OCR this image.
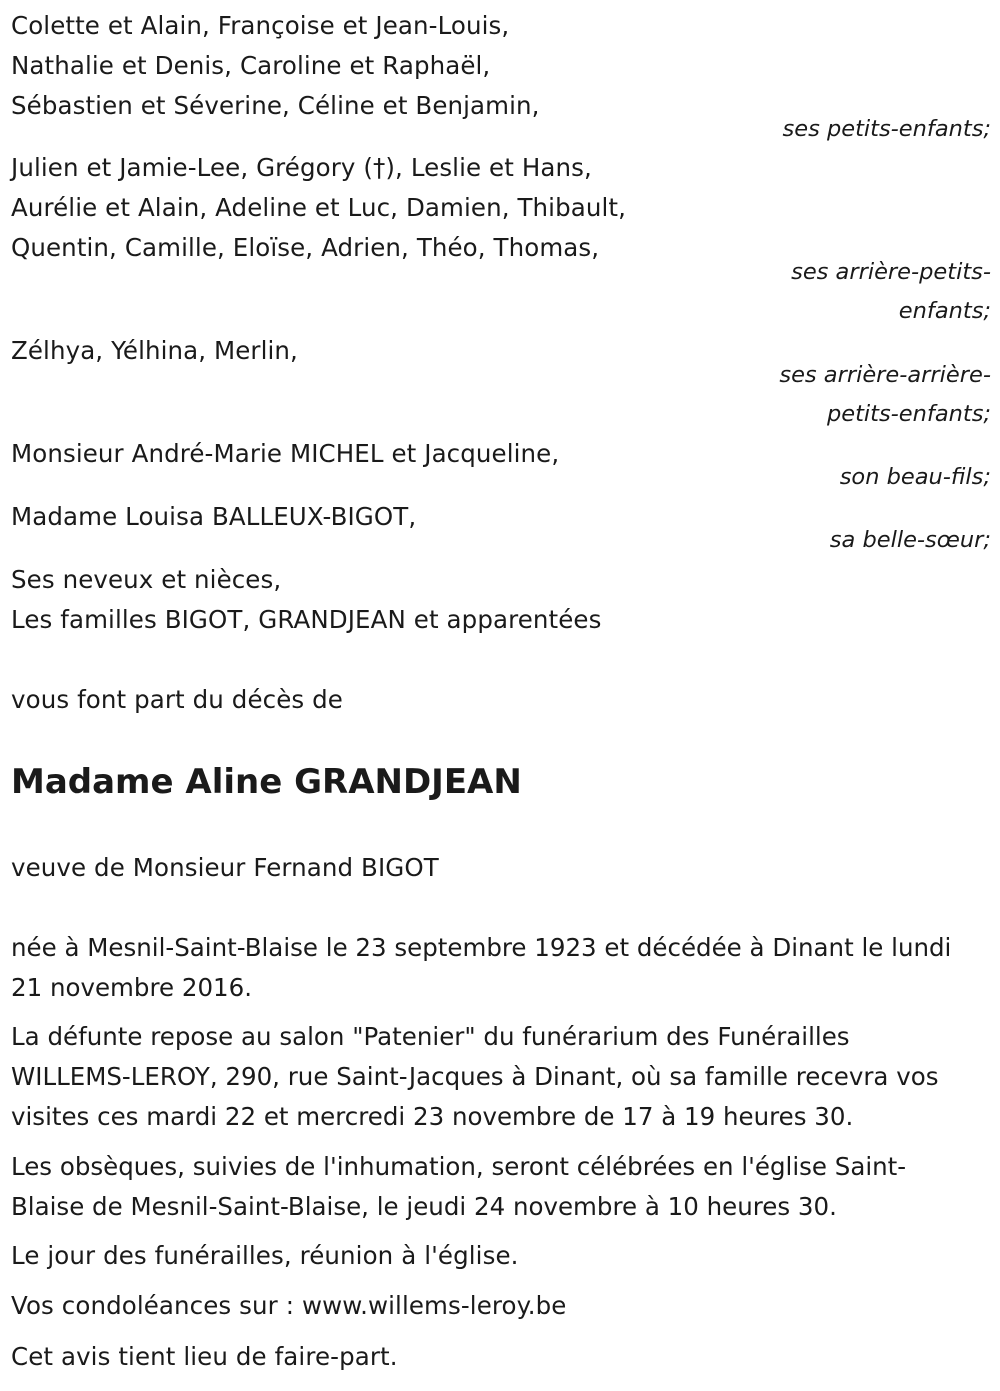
Colette et Alain, Françoise et Jean-Louis,
Nathalie et Denis, Caroline et Raphaël,
Sébastien et Séverine, Céline et Benjamin,
ses petits-enfants;
Julien et Jamie-Lee, Grégory (†), Leslie et Hans,
Aurélie et Alain, Adeline et Luc, Damien, Thibault,
Quentin, Camille, Eloïse, Adrien, Théo, Thomas,
ses arrière-petits-
enfants;
Zélhya, Yélhina, Merlin,
ses arrière-arrière-
petits-enfants;
Monsieur André-Marie MICHEL et Jacqueline,
son beau-fils;
Madame Louisa BALLEUX-BIGOT,
sa belle-sœur;
Ses neveux et nièces,
Les familles BIGOT, GRANDJEAN et apparentées
vous font part du décès de
Madame Aline GRANDJEAN
veuve de Monsieur Fernand BIGOT
née à Mesnil-Saint-Blaise le 23 septembre 1923 et décédée à Dinant le lundi 21 novembre 2016.
La défunte repose au salon "Patenier" du funérarium des Funérailles WILLEMS-LEROY, 290, rue Saint-Jacques à Dinant, où sa famille recevra vos visites ces mardi 22 et mercredi 23 novembre de 17 à 19 heures 30.
Les obsèques, suivies de l'inhumation, seront célébrées en l'église Saint-Blaise de Mesnil-Saint-Blaise, le jeudi 24 novembre à 10 heures 30.
Le jour des funérailles, réunion à l'église.
Vos condoléances sur : www.willems-leroy.be
Cet avis tient lieu de faire-part.
